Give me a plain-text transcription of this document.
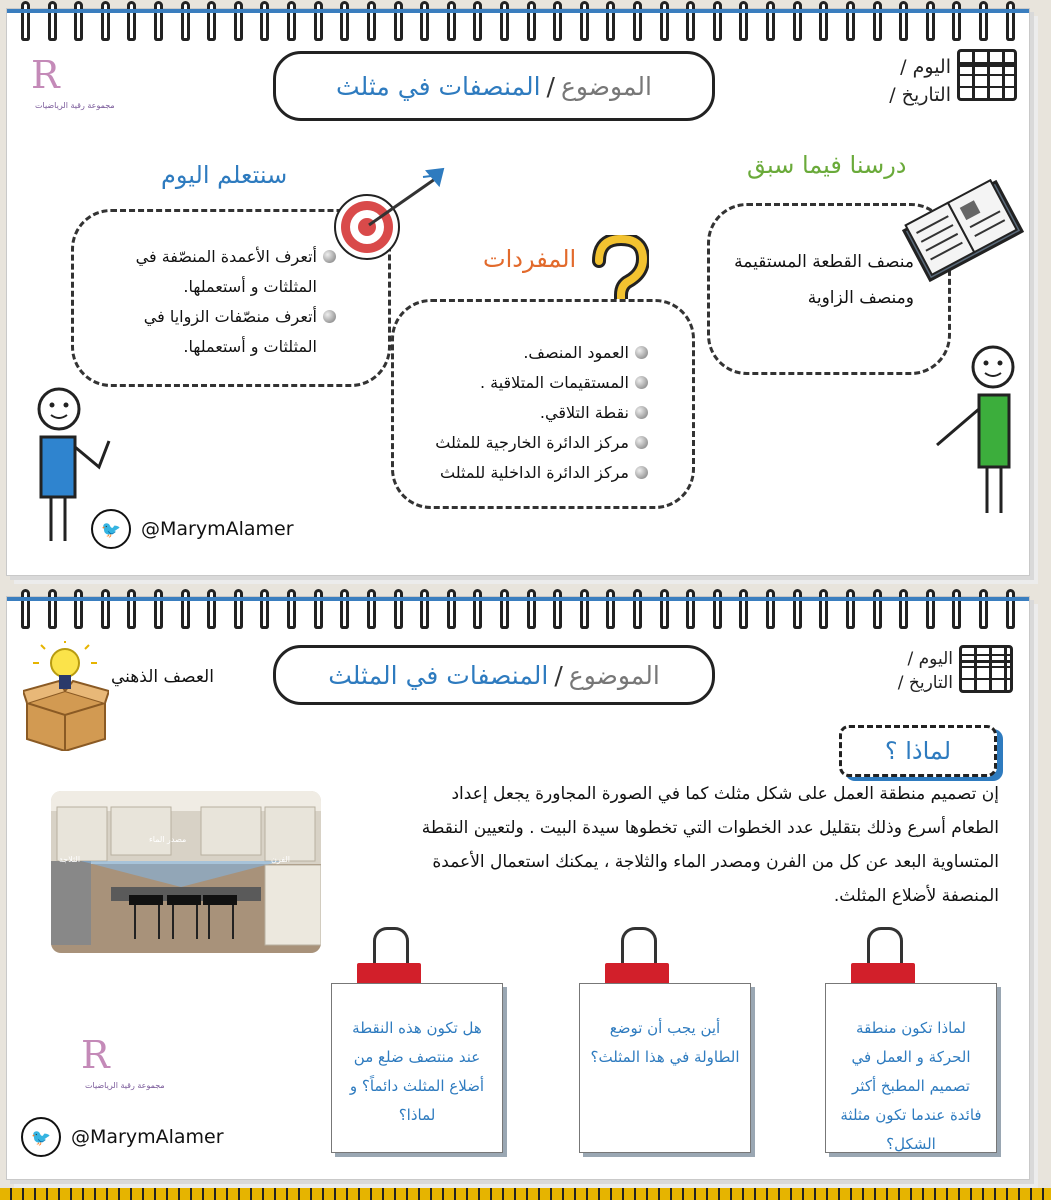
R
مجموعة رقية الرياضيات
الموضوع
/
المنصفات في مثلث
اليوم /
التاريخ /
درسنا فيما سبق
منصف القطعة المستقيمة ومنصف الزاوية
سنتعلم اليوم
أتعرف الأعمدة المنصّفة في المثلثات و أستعملها.
أتعرف منصّفات الزوايا في المثلثات و أستعملها.
المفردات
العمود المنصف.
المستقيمات المتلاقية .
نقطة التلاقي.
مركز الدائرة الخارجية للمثلث
مركز الدائرة الداخلية للمثلث
🐦	@MarymAlamer
العصف الذهني	الموضوع
/
المنصفات في المثلث
اليوم /
التاريخ /
لماذا ؟
إن تصميم منطقة العمل على شكل مثلث كما في الصورة المجاورة يجعل إعداد الطعام أسرع وذلك بتقليل عدد الخطوات التي تخطوها سيدة البيت . ولتعيين النقطة المتساوية البعد عن كل من الفرن ومصدر الماء والثلاجة ، يمكنك استعمال الأعمدة المنصفة لأضلاع المثلث.
مصدر الماء
الفرن
الثلاجة
لماذا تكون منطقة الحركة و العمل في تصميم المطبخ أكثر فائدة عندما تكون مثلثة الشكل؟
أين يجب أن توضع الطاولة في هذا المثلث؟
هل تكون هذه النقطة عند منتصف ضلع من أضلاع المثلث دائماً؟ و لماذا؟
R
مجموعة رقية الرياضيات
🐦	@MarymAlamer
